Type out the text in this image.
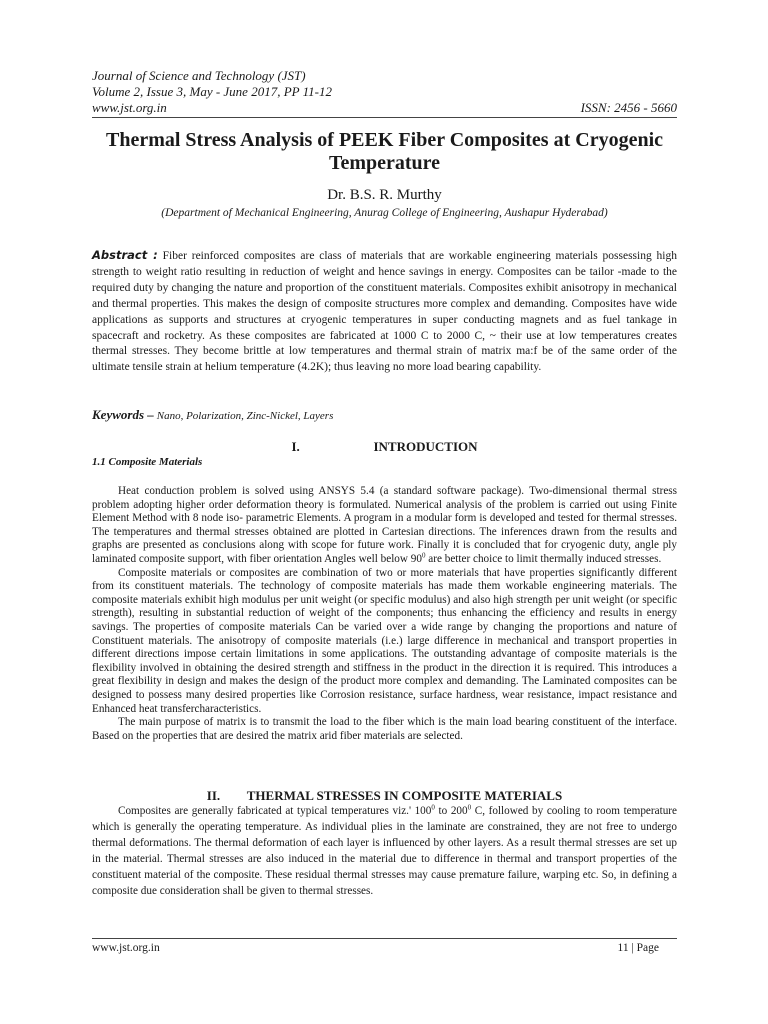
Journal of Science and Technology (JST)
Volume 2, Issue 3, May - June 2017, PP 11-12
www.jst.org.in	ISSN: 2456 - 5660
Thermal Stress Analysis of PEEK Fiber Composites at Cryogenic
Temperature
Dr. B.S. R. Murthy
(Department of Mechanical Engineering, Anurag College of Engineering, Aushapur Hyderabad)
Abstract : Fiber reinforced composites are class of materials that are workable engineering materials possessing high strength to weight ratio resulting in reduction of weight and hence savings in energy. Composites can be tailor -made to the required duty by changing the nature and proportion of the constituent materials. Composites exhibit anisotropy in mechanical and thermal properties. This makes the design of composite structures more complex and demanding. Composites have wide applications as supports and structures at cryogenic temperatures in super conducting magnets and as fuel tankage in spacecraft and rocketry. As these composites are fabricated at 1000 C to 2000 C, ~ their use at low temperatures creates thermal stresses. They become brittle at low temperatures and thermal strain of matrix ma:f be of the same order of the ultimate tensile strain at helium temperature (4.2K); thus leaving no more load bearing capability.
Keywords – Nano, Polarization, Zinc-Nickel, Layers
I.	INTRODUCTION
1.1 Composite Materials

Heat conduction problem is solved using ANSYS 5.4 (a standard software package). Two-dimensional thermal stress problem adopting higher order deformation theory is formulated. Numerical analysis of the problem is carried out using Finite Element Method with 8 node iso- parametric Elements. A program in a modular form is developed and tested for thermal stresses. The temperatures and thermal stresses obtained are plotted in Cartesian directions. The inferences drawn from the results and graphs are presented as conclusions along with scope for future work. Finally it is concluded that for cryogenic duty, angle ply laminated composite support, with fiber orientation Angles well below $90^0$ are better choice to limit thermally induced stresses.

Composite materials or composites are combination of two or more materials that have properties significantly different from its constituent materials. The technology of composite materials has made them workable engineering materials. The composite materials exhibit high modulus per unit weight (or specific modulus) and also high strength per unit weight (or specific strength), resulting in substantial reduction of weight of the components; thus enhancing the efficiency and results in energy savings. The properties of composite materials Can be varied over a wide range by changing the proportions and nature of Constituent materials. The anisotropy of composite materials (i.e.) large difference in mechanical and transport properties in different directions impose certain limitations in some applications. The outstanding advantage of composite materials is the flexibility involved in obtaining the desired strength and stiffness in the product in the direction it is required. This introduces a great flexibility in design and makes the design of the product more complex and demanding. The Laminated composites can be designed to possess many desired properties like Corrosion resistance, surface hardness, wear resistance, impact resistance and Enhanced heat transfercharacteristics.

The main purpose of matrix is to transmit the load to the fiber which is the main load bearing constituent of the interface. Based on the properties that are desired the matrix arid fiber materials are selected.

II. THERMAL STRESSES IN COMPOSITE MATERIALS

Composites are generally fabricated at typical temperatures viz.' $100^0$ to $200^0$ C, followed by cooling to room temperature which is generally the operating temperature. As individual plies in the laminate are constrained, they are not free to undergo thermal deformations. The thermal deformation of each layer is influenced by other layers. As a result thermal stresses are set up in the material. Thermal stresses are also induced in the material due to difference in thermal and transport properties of the constituent material of the composite. These residual thermal stresses may cause premature failure, warping etc. So, in defining a composite due consideration shall be given to thermal stresses.

www.jst.org.in	11 | Page
